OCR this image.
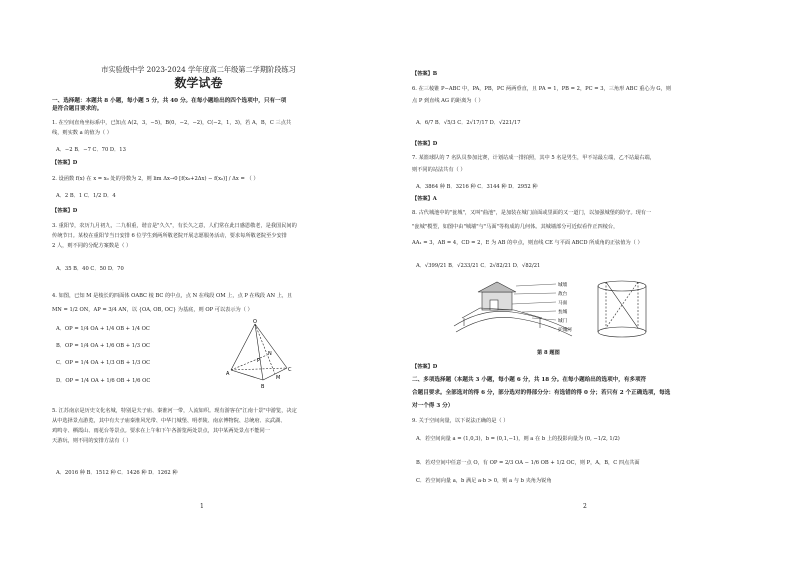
市实验级中学 2023-2024 学年度高二年级第二学期阶段练习
数学试卷
一、选择题：本题共 8 小题，每小题 5 分，共 40 分。在每小题给出的四个选项中，只有一项
是符合题目要求的。
1. 在空间直角坐标系中，已知点 A(2，3，−5)，B(0，−2，−2)，C(−2，1，3)，若 A，B，C 三点共
线，则实数 a 的值为（ ）
A．−2 B．−7 C．70 D．13
【答案】D
2. 设函数 f(x) 在 x = x₀ 处的导数为 2，则 lim Δx→0 [f(x₀+2Δx) − f(x₀)] / Δx = （ ）
A．2 B．1 C．1/2 D．4
【答案】D
3. 重阳节，农历九月初九，二九相重，谐音是"久久"，有长久之意，人们常在此日感恩敬老，是我国民间的
传统节日。某校在重阳节当日安排 6 位学生到两所敬老院开展志愿服务活动，要求每所敬老院至少安排
2 人，则不同的分配方案数是（ ）
A．35 B．40 C．50 D．70
4. 如图，已知 M 是棱长的四面体 OABC 棱 BC 的中点，点 N 在线段 OM 上，点 P 在线段 AN 上，且
MN = 1/2 ON，AP = 3/4 AN，以 {OA, OB, OC} 为基底，则 OP 可以表示为（ ）
A．OP = 1/4 OA + 1/4 OB + 1/4 OC
B．OP = 1/4 OA + 1/6 OB + 1/3 OC
C．OP = 1/4 OA + 1/3 OB + 1/3 OC
D．OP = 1/4 OA + 1/6 OB + 1/6 OC
O
A
B
C
M
N
P
5. 江苏南京是历史文化名城，特别是夫子庙、秦淮河一带，人流如织。现有游客在"江南十景"中游览，决定
从中选择景点游览，其中有夫子庙秦淮风光带、中华门城堡、明孝陵、南京博物院、总统府、玄武湖、
鸡鸣寺、栖霞山、雨花台等景点。要求在上午和下午各游览两处景点，其中某两处景点不能同一
天游玩，则不同的安排方法有（ ）
A．2016 种 B．1512 种 C．1426 种 D．1262 种
1
【答案】B
6. 在三棱锥 P−ABC 中，PA，PB，PC 两两垂直，且 PA = 1，PB = 2，PC = 3，三角形 ABC 重心为 G，则
点 P 到直线 AG 的距离为（ ）
A．6/7 B．√5/3 C．2√17/17 D．√221/17
【答案】D
7. 某篮球队的 7 名队员参加比赛，计划站成一排拍照，其中 5 名是男生，甲不站最左端，乙不站最右端，
则不同的站法共有（ ）
A．3864 种 B．3216 种 C．3144 种 D．2952 种
【答案】A
8. 古代城池中的"瓮城"，又叫"曲池"，是加装在城门前面或里面的又一道门，以加强城堡的防守。现有一
"瓮城"模型，如图中由"城墙"与"马面"等构成的几何体。其城墙部分可近似看作正四棱台，
AA₁ = 3，AB = 4，CD = 2，E 为 AB 的中点，则直线 CE 与平面 ABCD 所成角的正弦值为（ ）
A．√399/21 B．√233/21 C．2√82/21 D．√82/21
城墙
敌台
马面
瓮城
城门
护城河
第 8 题图
【答案】D
二、多项选择题（本题共 3 小题，每小题 6 分，共 18 分。在每小题给出的选项中，有多项符
合题目要求。全部选对的得 6 分，部分选对的得部分分：有选错的得 0 分；若只有 2 个正确选项，每选
对一个得 3 分）
9. 关于空间向量，以下说法正确的是（ ）
A．若空间向量 a = (1,0,3)，b = (0,1,−1)，则 a 在 b 上的投影向量为 (0, −1/2, 1/2)
B．若对空间中任意一点 O，有 OP = 2/3 OA − 1/6 OB + 1/2 OC，则 P，A，B，C 四点共面
C．若空间向量 a，b 满足 a·b > 0，则 a 与 b 夹角为锐角
2
